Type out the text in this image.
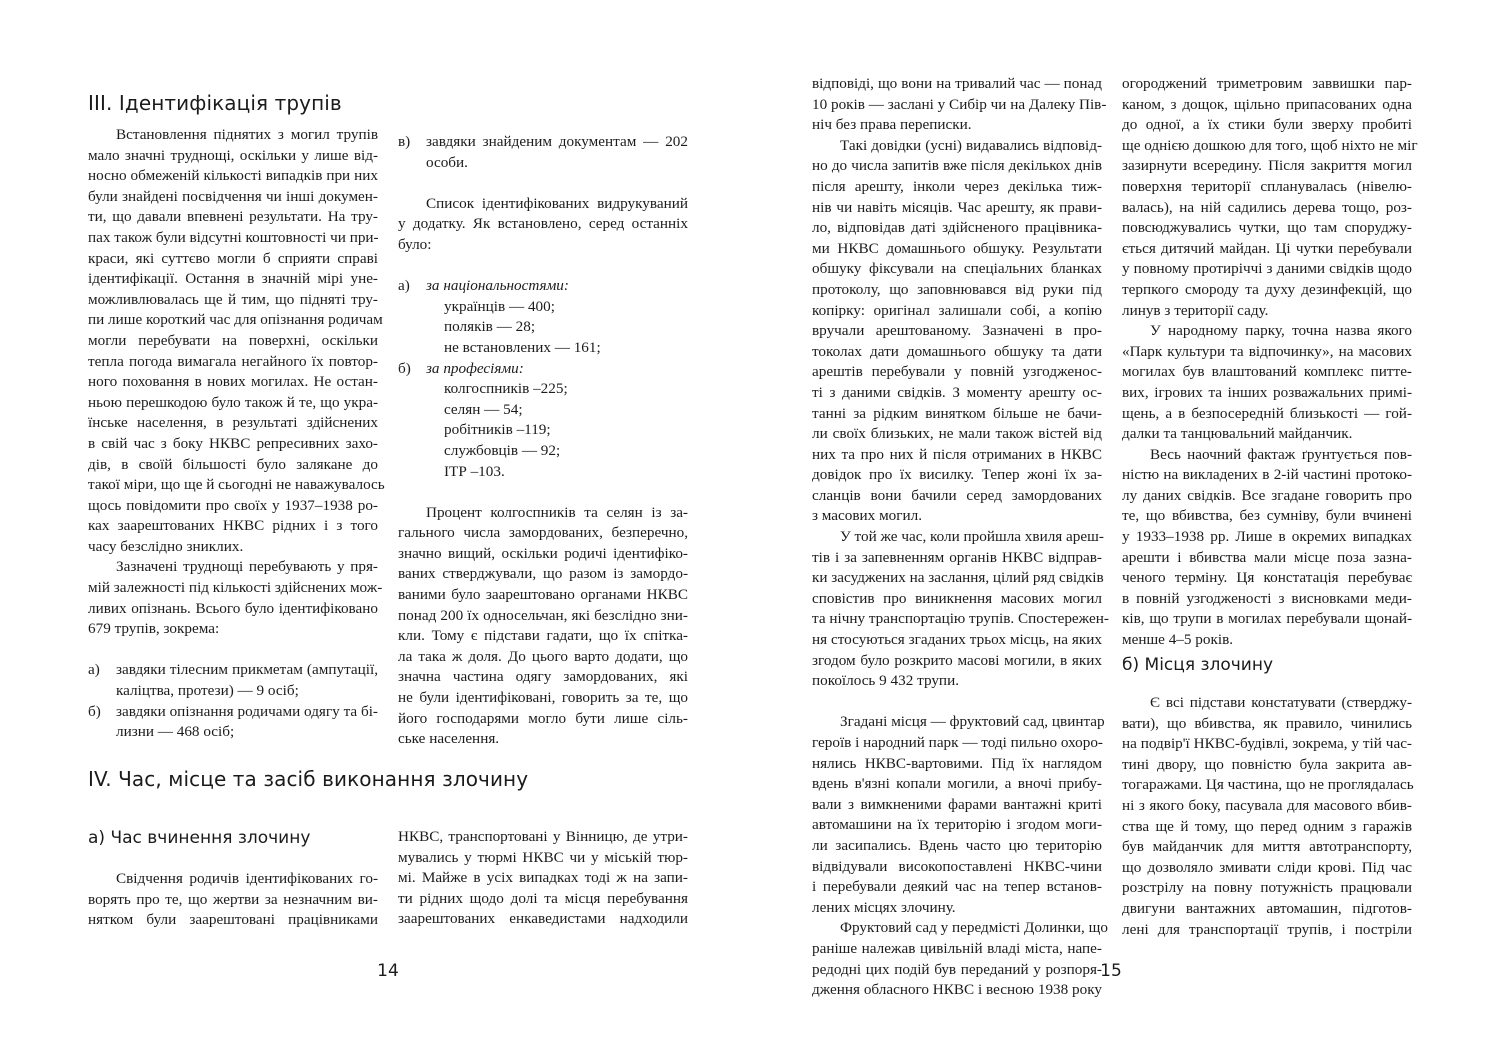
III. Ідентифікація трупів
Встановлення піднятих з могил трупів
мало значні труднощі, оскільки у лише від-
носно обмеженій кількості випадків при них
були знайдені посвідчення чи інші докумен-
ти, що давали впевнені результати. На тру-
пах також були відсутні коштовності чи при-
краси, які суттєво могли б сприяти справі
ідентифікації. Остання в значній мірі уне-
можливлювалась ще й тим, що підняті тру-
пи лише короткий час для опізнання родичам
могли перебувати на поверхні, оскільки
тепла погода вимагала негайного їх повтор-
ного поховання в нових могилах. Не остан-
ньою перешкодою було також й те, що укра-
їнське населення, в результаті здійснених
в свій час з боку НКВС репресивних захо-
дів, в своїй більшості було залякане до
такої міри, що ще й сьогодні не наважувалось
щось повідомити про своїх у 1937–1938 ро-
ках заарештованих НКВС рідних і з того
часу безслідно зниклих.
Зазначені труднощі перебувають у пря-
мій залежності під кількості здійснених мож-
ливих опізнань. Всього було ідентифіковано
679 трупів, зокрема:
а) завдяки тілесним прикметам (ампутації,
каліцтва, протези) — 9 осіб;
б) завдяки опізнання родичами одягу та бі-
лизни — 468 осіб;
в) завдяки знайденим документам — 202
особи.
Список ідентифікованих видрукуваний
у додатку. Як встановлено, серед останніх
було:
а) за національностями:
українців — 400;
поляків — 28;
не встановлених — 161;
б) за професіями:
колгоспників –225;
селян — 54;
робітників –119;
службовців — 92;
ІТР –103.
Процент колгоспників та селян із за-
гального числа замордованих, безперечно,
значно вищий, оскільки родичі ідентифіко-
ваних стверджували, що разом із замордо-
ваними було заарештовано органами НКВС
понад 200 їх односельчан, які безслідно зни-
кли. Тому є підстави гадати, що їх спітка-
ла така ж доля. До цього варто додати, що
значна частина одягу замордованих, які
не були ідентифіковані, говорить за те, що
його господарями могло бути лише сіль-
ське населення.
IV. Час, місце та засіб виконання злочину
а) Час вчинення злочину
Свідчення родичів ідентифікованих го-
ворять про те, що жертви за незначним ви-
нятком були заарештовані працівниками
НКВС, транспортовані у Вінницю, де утри-
мувались у тюрмі НКВС чи у міській тюр-
мі. Майже в усіх випадках тоді ж на запи-
ти рідних щодо долі та місця перебування
заарештованих енкаведистами надходили
14
відповіді, що вони на тривалий час — понад
10 років — заслані у Сибір чи на Далеку Пів-
ніч без права переписки.
Такі довідки (усні) видавались відповід-
но до числа запитів вже після декількох днів
після арешту, інколи через декілька тиж-
нів чи навіть місяців. Час арешту, як прави-
ло, відповідав даті здійсненого працівника-
ми НКВС домашнього обшуку. Результати
обшуку фіксували на спеціальних бланках
протоколу, що заповнювався від руки під
копірку: оригінал залишали собі, а копію
вручали арештованому. Зазначені в про-
токолах дати домашнього обшуку та дати
арештів перебували у повній узгодженос-
ті з даними свідків. З моменту арешту ос-
танні за рідким винятком більше не бачи-
ли своїх близьких, не мали також вістей від
них та про них й після отриманих в НКВС
довідок про їх висилку. Тепер жоні їх за-
сланців вони бачили серед замордованих
з масових могил.
У той же час, коли пройшла хвиля ареш-
тів і за запевненням органів НКВС відправ-
ки засуджених на заслання, цілий ряд свідків
сповістив про виникнення масових могил
та нічну транспортацію трупів. Спостережен-
ня стосуються згаданих трьох місць, на яких
згодом було розкрито масові могили, в яких
покоїлось 9 432 трупи.
Згадані місця — фруктовий сад, цвинтар
героїв і народний парк — тоді пильно охоро-
нялись НКВС-вартовими. Під їх наглядом
вдень в'язні копали могили, а вночі прибу-
вали з вимкненими фарами вантажні криті
автомашини на їх територію і згодом моги-
ли засипались. Вдень часто цю територію
відвідували високопоставлені НКВС-чини
і перебували деякий час на тепер встанов-
лених місцях злочину.
Фруктовий сад у передмісті Долинки, що
раніше належав цивільній владі міста, напе-
редодні цих подій був переданий у розпоря-
дження обласного НКВС і весною 1938 року
огороджений триметровим заввишки пар-
каном, з дощок, щільно припасованих одна
до одної, а їх стики були зверху пробиті
ще однією дошкою для того, щоб ніхто не міг
зазирнути всередину. Після закриття могил
поверхня території спланувалась (нівелю-
валась), на ній садились дерева тощо, роз-
повсюджувались чутки, що там споруджу-
ється дитячий майдан. Ці чутки перебували
у повному протиріччі з даними свідків щодо
терпкого смороду та духу дезинфекцій, що
линув з території саду.
У народному парку, точна назва якого
«Парк культури та відпочинку», на масових
могилах був влаштований комплекс питте-
вих, ігрових та інших розважальних примі-
щень, а в безпосередній близькості — гой-
далки та танцювальний майданчик.
Весь наочний фактаж ґрунтується пов-
ністю на викладених в 2-ій частині протоко-
лу даних свідків. Все згадане говорить про
те, що вбивства, без сумніву, були вчинені
у 1933–1938 рр. Лише в окремих випадках
арешти і вбивства мали місце поза зазна-
ченого терміну. Ця констатація перебуває
в повній узгодженості з висновками меди-
ків, що трупи в могилах перебували щонай-
менше 4–5 років.
б) Місця злочину
Є всі підстави констатувати (стверджу-
вати), що вбивства, як правило, чинились
на подвір'ї НКВС-будівлі, зокрема, у тій час-
тині двору, що повністю була закрита ав-
тогаражами. Ця частина, що не проглядалась
ні з якого боку, пасувала для масового вбив-
ства ще й тому, що перед одним з гаражів
був майданчик для миття автотранспорту,
що дозволяло змивати сліди крові. Під час
розстрілу на повну потужність працювали
двигуни вантажних автомашин, підготов-
лені для транспортації трупів, і постріли
15
